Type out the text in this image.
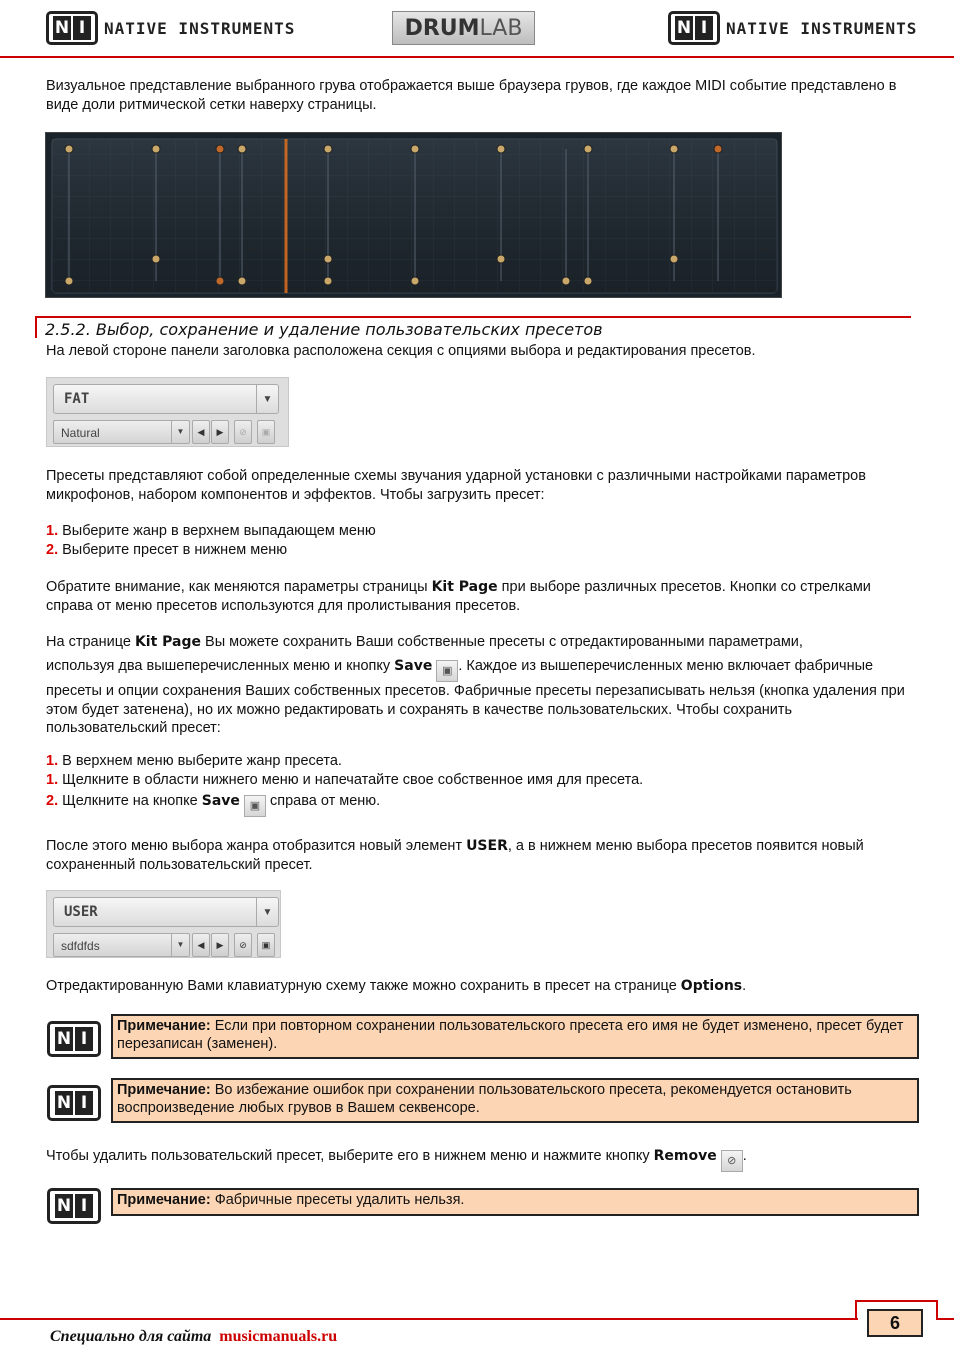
N I	NATIVE INSTRUMENTS	DRUM LAB	N I	NATIVE INSTRUMENTS

Визуальное представление выбранного грува отображается выше браузера грувов, где каждое MIDI событие представлено в виде доли ритмической сетки наверху страницы.

2.5.2. Выбор, сохранение и удаление пользовательских пресетов

На левой стороне панели заголовка расположена секция с опциями выбора и редактирования пресетов.

FAT	▼
Natural	▼	◀	▶	⊘	▣

Пресеты представляют собой определенные схемы звучания ударной установки с различными настройками параметров микрофонов, набором компонентов и эффектов. Чтобы загрузить пресет:

1. Выберите жанр в верхнем выпадающем меню
2. Выберите пресет в нижнем меню

Обратите внимание, как меняются параметры страницы Kit Page при выборе различных пресетов. Кнопки со стрелками справа от меню пресетов используются для пролистывания пресетов.

На странице Kit Page Вы можете сохранить Ваши собственные пресеты с отредактированными параметрами,

используя два вышеперечисленных меню и кнопку Save ▣ . Каждое из вышеперечисленных меню включает фабричные пресеты и опции сохранения Ваших собственных пресетов. Фабричные пресеты перезаписывать нельзя (кнопка удаления при этом будет затенена), но их можно редактировать и сохранять в качестве пользовательских. Чтобы сохранить пользовательский пресет:

1. В верхнем меню выберите жанр пресета.
1. Щелкните в области нижнего меню и напечатайте свое собственное имя для пресета.
2. Щелкните на кнопке Save ▣ справа от меню.

После этого меню выбора жанра отобразится новый элемент USER, а в нижнем меню выбора пресетов появится новый сохраненный пользовательский пресет.

USER	▼
sdfdfds	▼	◀	▶	⊘	▣

Отредактированную Вами клавиатурную схему также можно сохранить в пресет на странице Options.

N I
Примечание: Если при повторном сохранении пользовательского пресета его имя не будет изменено, пресет будет перезаписан (заменен).
N I
Примечание: Во избежание ошибок при сохранении пользовательского пресета, рекомендуется остановить воспроизведение любых грувов в Вашем секвенсоре.

Чтобы удалить пользовательский пресет, выберите его в нижнем меню и нажмите кнопку Remove ⊘ .

N I	Примечание: Фабричные пресеты удалить нельзя.
6
Специально для сайта musicmanuals.ru
